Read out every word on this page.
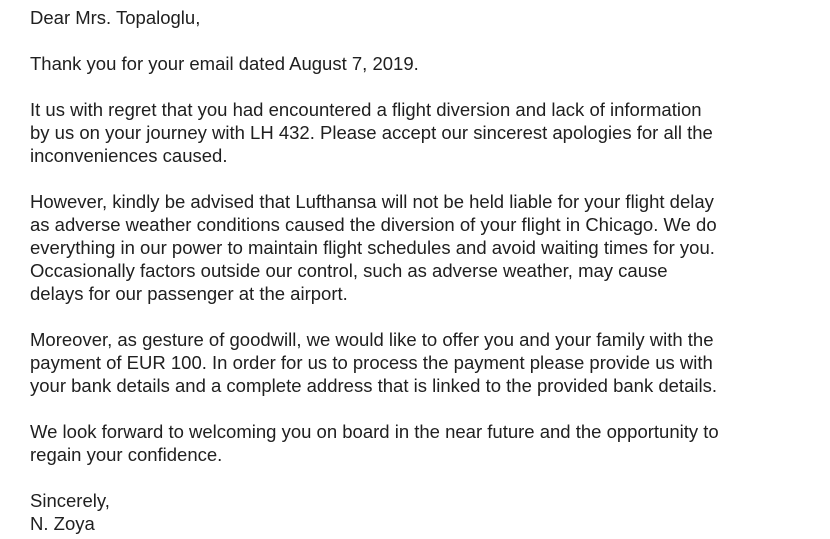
Dear Mrs. Topaloglu,

Thank you for your email dated August 7, 2019.

It us with regret that you had encountered a flight diversion and lack of information
by us on your journey with LH 432. Please accept our sincerest apologies for all the
inconveniences caused.

However, kindly be advised that Lufthansa will not be held liable for your flight delay
as adverse weather conditions caused the diversion of your flight in Chicago. We do
everything in our power to maintain flight schedules and avoid waiting times for you.
Occasionally factors outside our control, such as adverse weather, may cause
delays for our passenger at the airport.

Moreover, as gesture of goodwill, we would like to offer you and your family with the
payment of EUR 100. In order for us to process the payment please provide us with
your bank details and a complete address that is linked to the provided bank details.

We look forward to welcoming you on board in the near future and the opportunity to
regain your confidence.

Sincerely,

N. Zoya
